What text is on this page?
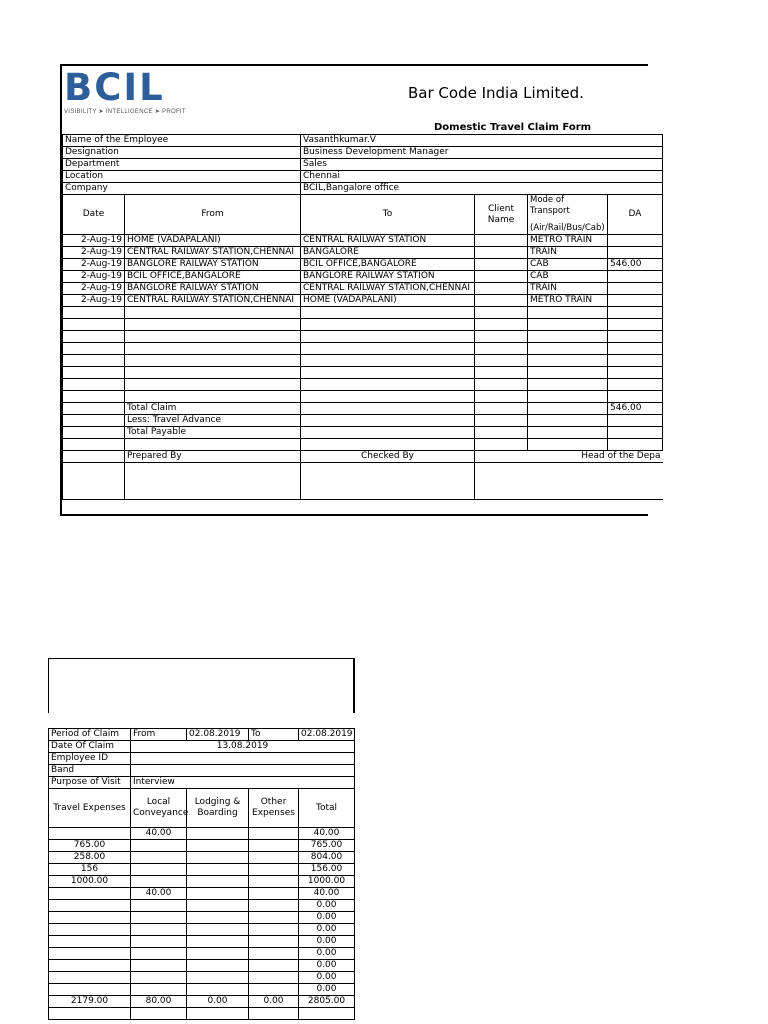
BCIL
VISIBILITY ➤ INTELLIGENCE ➤ PROFIT
Bar Code India Limited.
Domestic Travel Claim Form
Name of the Employee		Vasanthkumar.V			
Designation		Business Development Manager			
Department		Sales			
Location		Chennai			
Company		BCIL,Bangalore office			
Date	From	To	Client Name	Mode of Transport
(Air/Rail/Bus/Cab)	DA
2-Aug-19	HOME (VADAPALANI)	CENTRAL RAILWAY STATION		METRO TRAIN	
2-Aug-19	CENTRAL RAILWAY STATION,CHENNAI	BANGALORE		TRAIN	
2-Aug-19	BANGLORE RAILWAY STATION	BCIL OFFICE,BANGALORE		CAB	546.00
2-Aug-19	BCIL OFFICE,BANGALORE	BANGLORE RAILWAY STATION		CAB	
2-Aug-19	BANGLORE RAILWAY STATION	CENTRAL RAILWAY STATION,CHENNAI		TRAIN	
2-Aug-19	CENTRAL RAILWAY STATION,CHENNAI	HOME (VADAPALANI)		METRO TRAIN	

	Total Claim				546.00
	Less: Travel Advance				
	Total Payable				

	Prepared By	Checked By	Head of the Depa		

Period of Claim	From	02.08.2019	To	02.08.2019
Date Of Claim	13.08.2019			
Employee ID				
Band				
Purpose of Visit	Interview			
Travel Expenses	Local Conveyance	Lodging & Boarding	Other Expenses	Total
	40.00			40.00
765.00				765.00
258.00				804.00
156				156.00
1000.00				1000.00
	40.00			40.00
				0.00
				0.00
				0.00
				0.00
				0.00
				0.00
				0.00
				0.00
2179.00	80.00	0.00	0.00	2805.00
